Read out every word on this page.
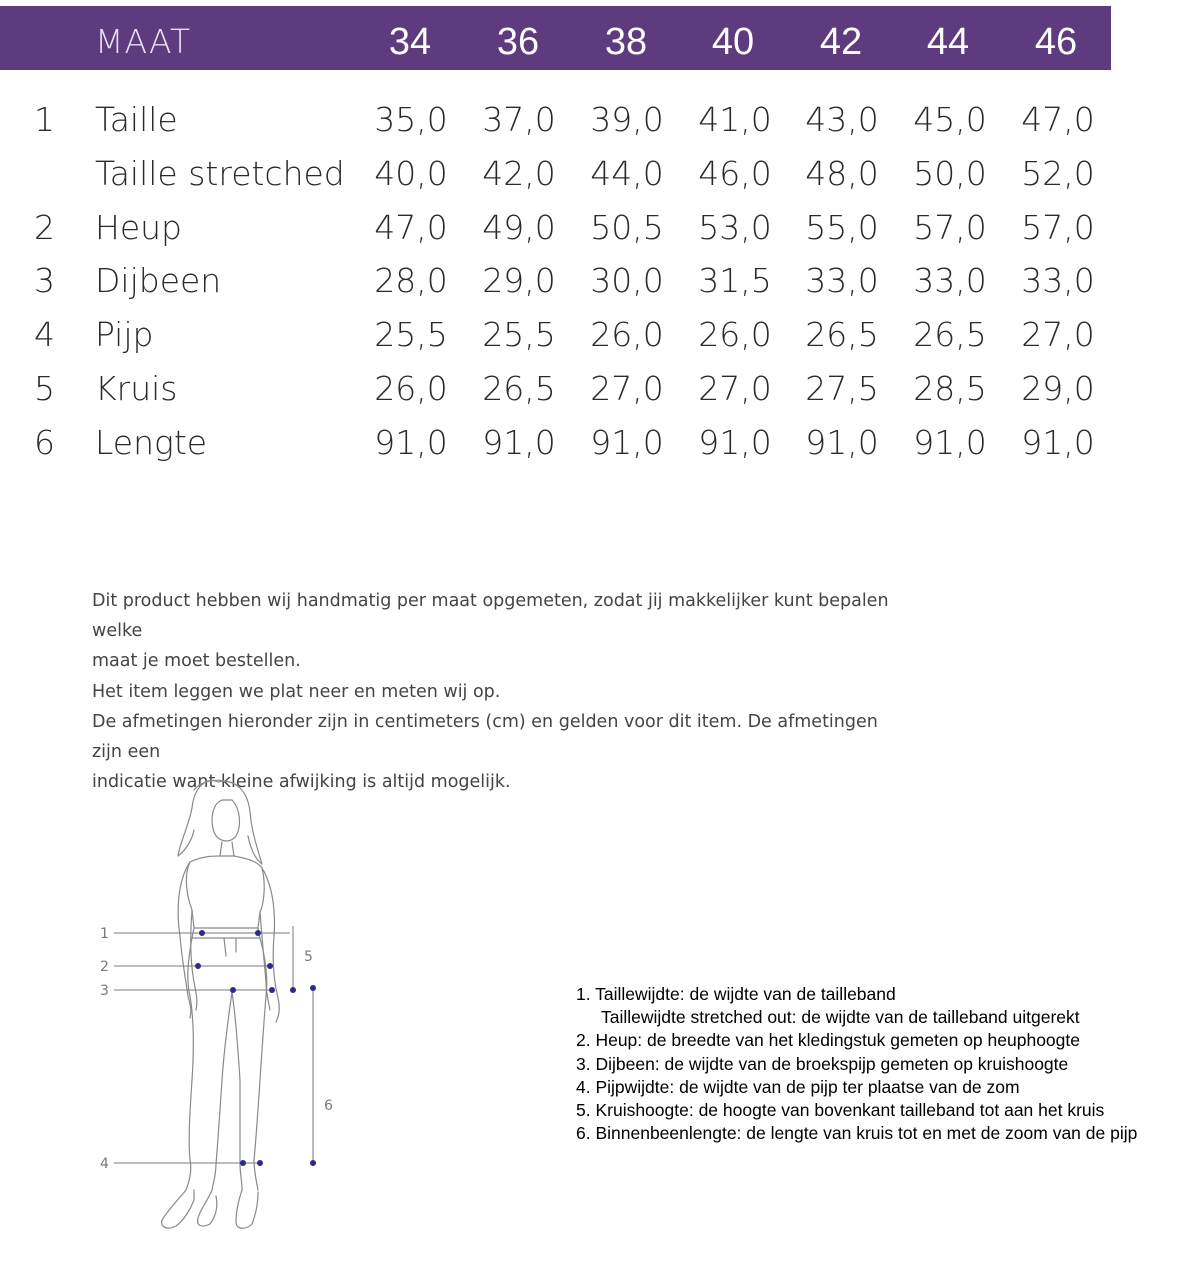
MAAT	34	36	38	40	42	44	46
1 Taille	35,0	37,0	39,0	41,0	43,0	45,0	47,0
Taille stretched 40,0	42,0	44,0	46,0	48,0	50,0	52,0
2 Heup	47,0	49,0	50,5	53,0	55,0	57,0	57,0
3 Dijbeen	28,0	29,0	30,0	31,5	33,0	33,0	33,0
4 Pijp	25,5	25,5	26,0	26,0	26,5	26,5	27,0
5 Kruis	26,0	26,5	27,0	27,0	27,5	28,5	29,0
6 Lengte	91,0	91,0	91,0	91,0	91,0	91,0	91,0

Dit product hebben wij handmatig per maat opgemeten, zodat jij makkelijker kunt bepalen welke

maat je moet bestellen.

Het item leggen we plat neer en meten wij op.

De afmetingen hieronder zijn in centimeters (cm) en gelden voor dit item. De afmetingen zijn een

indicatie want kleine afwijking is altijd mogelijk.

1
2
3
4
5
6
1. Taillewijdte: de wijdte van de tailleband
Taillewijdte stretched out: de wijdte van de tailleband uitgerekt
2. Heup: de breedte van het kledingstuk gemeten op heuphoogte
3. Dijbeen: de wijdte van de broekspijp gemeten op kruishoogte
4. Pijpwijdte: de wijdte van de pijp ter plaatse van de zom
5. Kruishoogte: de hoogte van bovenkant tailleband tot aan het kruis
6. Binnenbeenlengte: de lengte van kruis tot en met de zoom van de pijp
